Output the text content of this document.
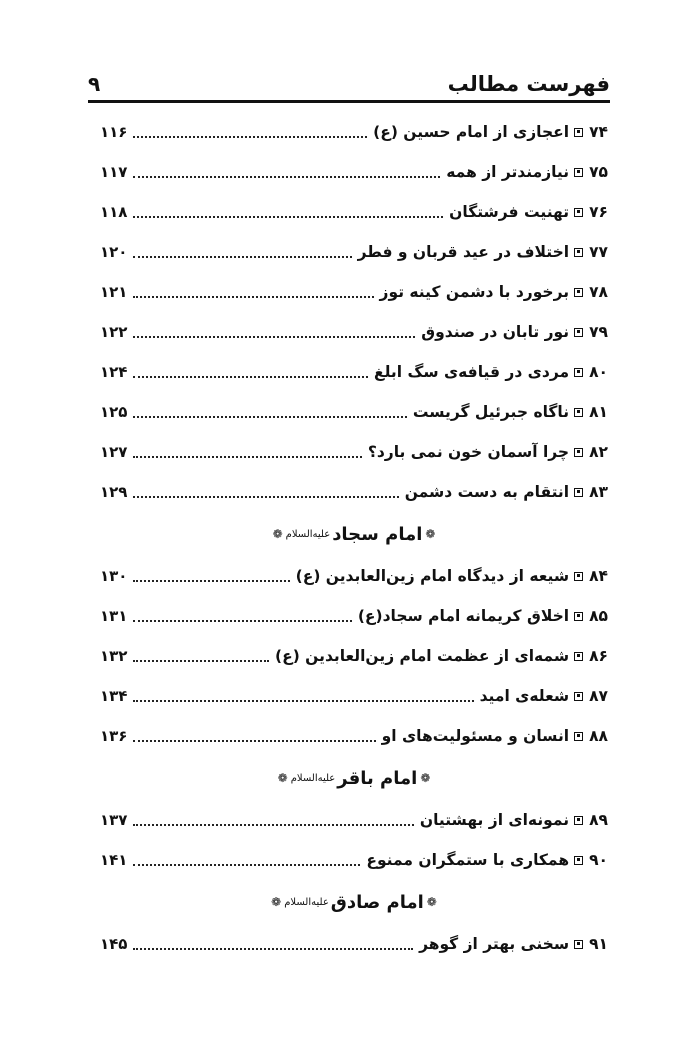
۹	فهرست مطالب
۷۴
اعجازی از امام حسین (ع)
۱۱۶
۷۵
نیازمندتر از همه
۱۱۷
۷۶
تهنیت فرشتگان
۱۱۸
۷۷
اختلاف در عید قربان و فطر
۱۲۰
۷۸
برخورد با دشمن کینه توز
۱۲۱
۷۹
نور تابان در صندوق
۱۲۲
۸۰
مردی در قیافه‌ی سگ ابلغ
۱۲۴
۸۱
ناگاه جبرئیل گریست
۱۲۵
۸۲
چرا آسمان خون نمی بارد؟
۱۲۷
۸۳
انتقام به دست دشمن
۱۲۹
❁
امام سجاد
عليه‌السلام
❁
۸۴
شیعه از دیدگاه امام زین‌العابدین (ع)
۱۳۰
۸۵
اخلاق کریمانه امام سجاد(ع)
۱۳۱
۸۶
شمه‌ای از عظمت امام زین‌العابدین (ع)
۱۳۲
۸۷
شعله‌ی امید
۱۳۴
۸۸
انسان و مسئولیت‌های او
۱۳۶
❁
امام باقر
عليه‌السلام
❁
۸۹
نمونه‌ای از بهشتیان
۱۳۷
۹۰
همکاری با ستمگران ممنوع
۱۴۱
❁
امام صادق
عليه‌السلام
❁
۹۱
سخنی بهتر از گوهر
۱۴۵
